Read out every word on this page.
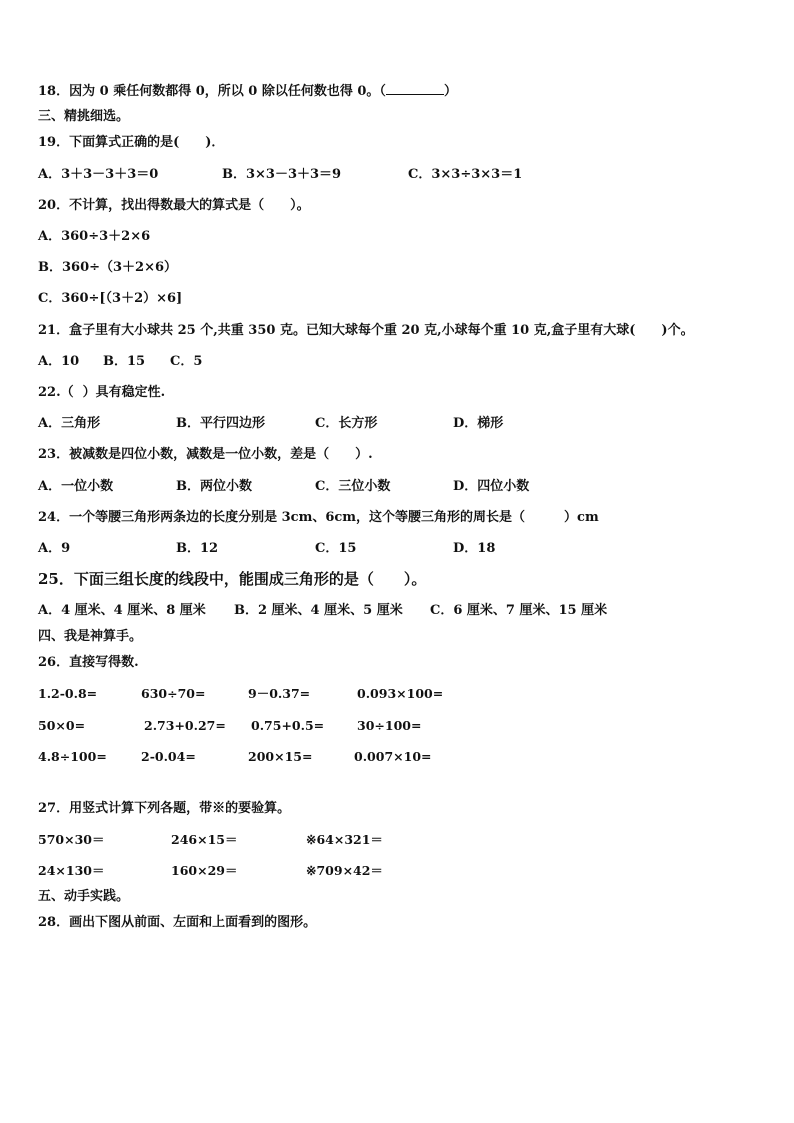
18．因为 0 乘任何数都得 0，所以 0 除以任何数也得 0。（	）
三、精挑细选。
19．下面算式正确的是(　　)．
A．3＋3－3＋3＝0	B．3×3－3＋3＝9	C．3×3÷3×3＝1
20．不计算，找出得数最大的算式是（　　）。
A．360÷3＋2×6
B．360÷（3＋2×6）
C．360÷[（3＋2）×6]
21．盒子里有大小球共 25 个,共重 350 克。已知大球每个重 20 克,小球每个重 10 克,盒子里有大球(　　)个。
A．10 B．15 C．5
22.（  ）具有稳定性.
A．三角形	B．平行四边形	C．长方形	D．梯形
23．被减数是四位小数，减数是一位小数，差是（　　）.
A．一位小数	B．两位小数	C．三位小数	D．四位小数
24．一个等腰三角形两条边的长度分别是 3cm、6cm，这个等腰三角形的周长是（　　　）cm
A．9	B．12	C．15	D．18
25．下面三组长度的线段中，能围成三角形的是（　　）。
A．4 厘米、4 厘米、8 厘米 B．2 厘米、4 厘米、5 厘米 C．6 厘米、7 厘米、15 厘米
四、我是神算手。
26．直接写得数.
1.2-0.8=	630÷70=	9－0.37=	0.093×100=
50×0=	2.73+0.27= 0.75+0.5=	30÷100=
4.8÷100=	2-0.04=	200×15=	0.007×10=
27．用竖式计算下列各题，带※的要验算。
570×30＝	246×15＝	※64×321＝
24×130＝	160×29＝	※709×42＝
五、动手实践。
28．画出下图从前面、左面和上面看到的图形。
